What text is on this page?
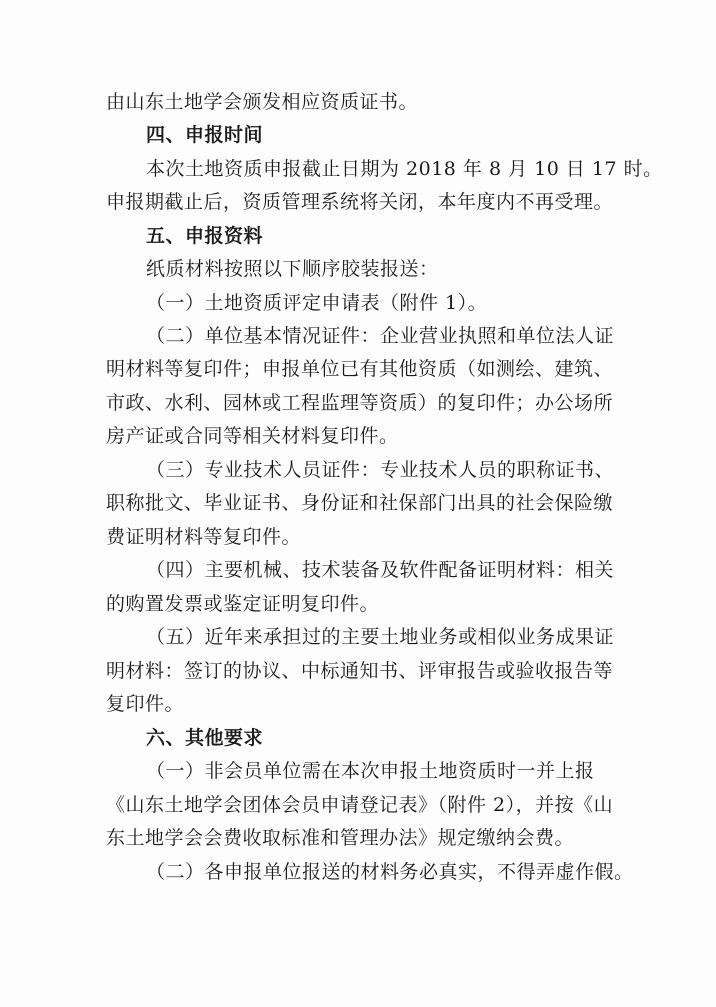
由山东土地学会颁发相应资质证书。
四、申报时间
本次土地资质申报截止日期为 2018 年 8 月 10 日 17 时。
申报期截止后，资质管理系统将关闭，本年度内不再受理。
五、申报资料
纸质材料按照以下顺序胶装报送：
（一）土地资质评定申请表（附件 1）。
（二）单位基本情况证件：企业营业执照和单位法人证
明材料等复印件；申报单位已有其他资质（如测绘、建筑、
市政、水利、园林或工程监理等资质）的复印件；办公场所
房产证或合同等相关材料复印件。
（三）专业技术人员证件：专业技术人员的职称证书、
职称批文、毕业证书、身份证和社保部门出具的社会保险缴
费证明材料等复印件。
（四）主要机械、技术装备及软件配备证明材料：相关
的购置发票或鉴定证明复印件。
（五）近年来承担过的主要土地业务或相似业务成果证
明材料：签订的协议、中标通知书、评审报告或验收报告等
复印件。
六、其他要求
（一）非会员单位需在本次申报土地资质时一并上报
《山东土地学会团体会员申请登记表》（附件 2），并按《山
东土地学会会费收取标准和管理办法》规定缴纳会费。
（二）各申报单位报送的材料务必真实，不得弄虚作假。
